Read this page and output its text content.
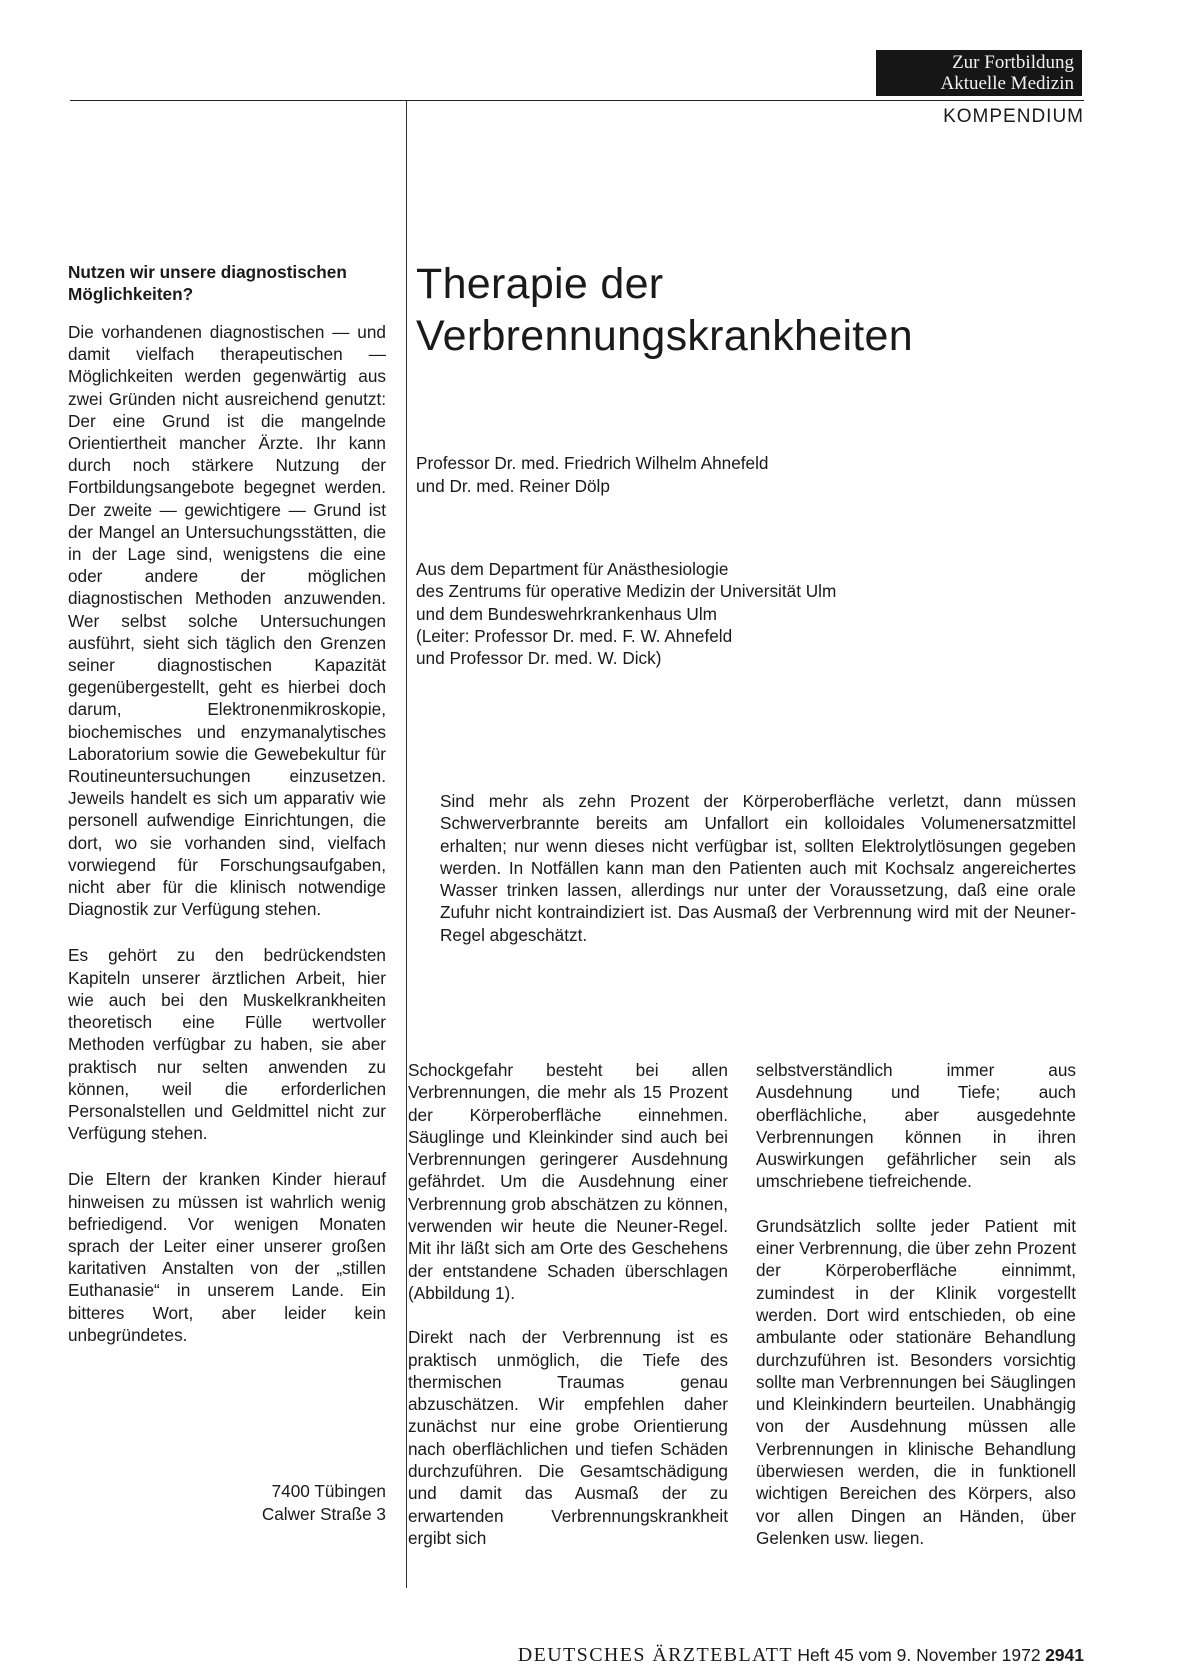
Zur Fortbildung
Aktuelle Medizin
KOMPENDIUM
Nutzen wir unsere diagnostischen Möglichkeiten?

Die vorhandenen diagnostischen — und damit vielfach therapeutischen — Möglichkeiten werden gegenwärtig aus zwei Gründen nicht ausreichend genutzt: Der eine Grund ist die mangelnde Orientiertheit mancher Ärzte. Ihr kann durch noch stärkere Nutzung der Fortbildungsangebote begegnet werden. Der zweite — gewichtigere — Grund ist der Mangel an Untersuchungsstätten, die in der Lage sind, wenigstens die eine oder andere der möglichen diagnostischen Methoden anzuwenden. Wer selbst solche Untersuchungen ausführt, sieht sich täglich den Grenzen seiner diagnostischen Kapazität gegenübergestellt, geht es hierbei doch darum, Elektronenmikroskopie, biochemisches und enzymanalytisches Laboratorium sowie die Gewebekultur für Routineuntersuchungen einzusetzen. Jeweils handelt es sich um apparativ wie personell aufwendige Einrichtungen, die dort, wo sie vorhanden sind, vielfach vorwiegend für Forschungsaufgaben, nicht aber für die klinisch notwendige Diagnostik zur Verfügung stehen.

Es gehört zu den bedrückendsten Kapiteln unserer ärztlichen Arbeit, hier wie auch bei den Muskelkrankheiten theoretisch eine Fülle wertvoller Methoden verfügbar zu haben, sie aber praktisch nur selten anwenden zu können, weil die erforderlichen Personalstellen und Geldmittel nicht zur Verfügung stehen.

Die Eltern der kranken Kinder hierauf hinweisen zu müssen ist wahrlich wenig befriedigend. Vor wenigen Monaten sprach der Leiter einer unserer großen karitativen Anstalten von der „stillen Euthanasie“ in unserem Lande. Ein bitteres Wort, aber leider kein unbegründetes.

7400 Tübingen
Calwer Straße 3
Therapie der
Verbrennungskrankheiten
Professor Dr. med. Friedrich Wilhelm Ahnefeld
und Dr. med. Reiner Dölp
Aus dem Department für Anästhesiologie
des Zentrums für operative Medizin der Universität Ulm
und dem Bundeswehrkrankenhaus Ulm
(Leiter: Professor Dr. med. F. W. Ahnefeld
und Professor Dr. med. W. Dick)

Sind mehr als zehn Prozent der Körperoberfläche verletzt, dann müssen Schwerverbrannte bereits am Unfallort ein kolloidales Volumenersatzmittel erhalten; nur wenn dieses nicht verfügbar ist, sollten Elektrolytlösungen gegeben werden. In Notfällen kann man den Patienten auch mit Kochsalz angereichertes Wasser trinken lassen, allerdings nur unter der Voraussetzung, daß eine orale Zufuhr nicht kontraindiziert ist. Das Ausmaß der Verbrennung wird mit der Neuner-Regel abgeschätzt.

Schockgefahr besteht bei allen Verbrennungen, die mehr als 15 Prozent der Körperoberfläche einnehmen. Säuglinge und Kleinkinder sind auch bei Verbrennungen geringerer Ausdehnung gefährdet. Um die Ausdehnung einer Verbrennung grob abschätzen zu können, verwenden wir heute die Neuner-Regel. Mit ihr läßt sich am Orte des Geschehens der entstandene Schaden überschlagen (Abbildung 1).

Direkt nach der Verbrennung ist es praktisch unmöglich, die Tiefe des thermischen Traumas genau abzuschätzen. Wir empfehlen daher zunächst nur eine grobe Orientierung nach oberflächlichen und tiefen Schäden durchzuführen. Die Gesamtschädigung und damit das Ausmaß der zu erwartenden Verbrennungskrankheit ergibt sich

selbstverständlich immer aus Ausdehnung und Tiefe; auch oberflächliche, aber ausgedehnte Verbrennungen können in ihren Auswirkungen gefährlicher sein als umschriebene tiefreichende.

Grundsätzlich sollte jeder Patient mit einer Verbrennung, die über zehn Prozent der Körperoberfläche einnimmt, zumindest in der Klinik vorgestellt werden. Dort wird entschieden, ob eine ambulante oder stationäre Behandlung durchzuführen ist. Besonders vorsichtig sollte man Verbrennungen bei Säuglingen und Kleinkindern beurteilen. Unabhängig von der Ausdehnung müssen alle Verbrennungen in klinische Behandlung überwiesen werden, die in funktionell wichtigen Bereichen des Körpers, also vor allen Dingen an Händen, über Gelenken usw. liegen.

DEUTSCHES ÄRZTEBLATT Heft 45 vom 9. November 1972 2941
